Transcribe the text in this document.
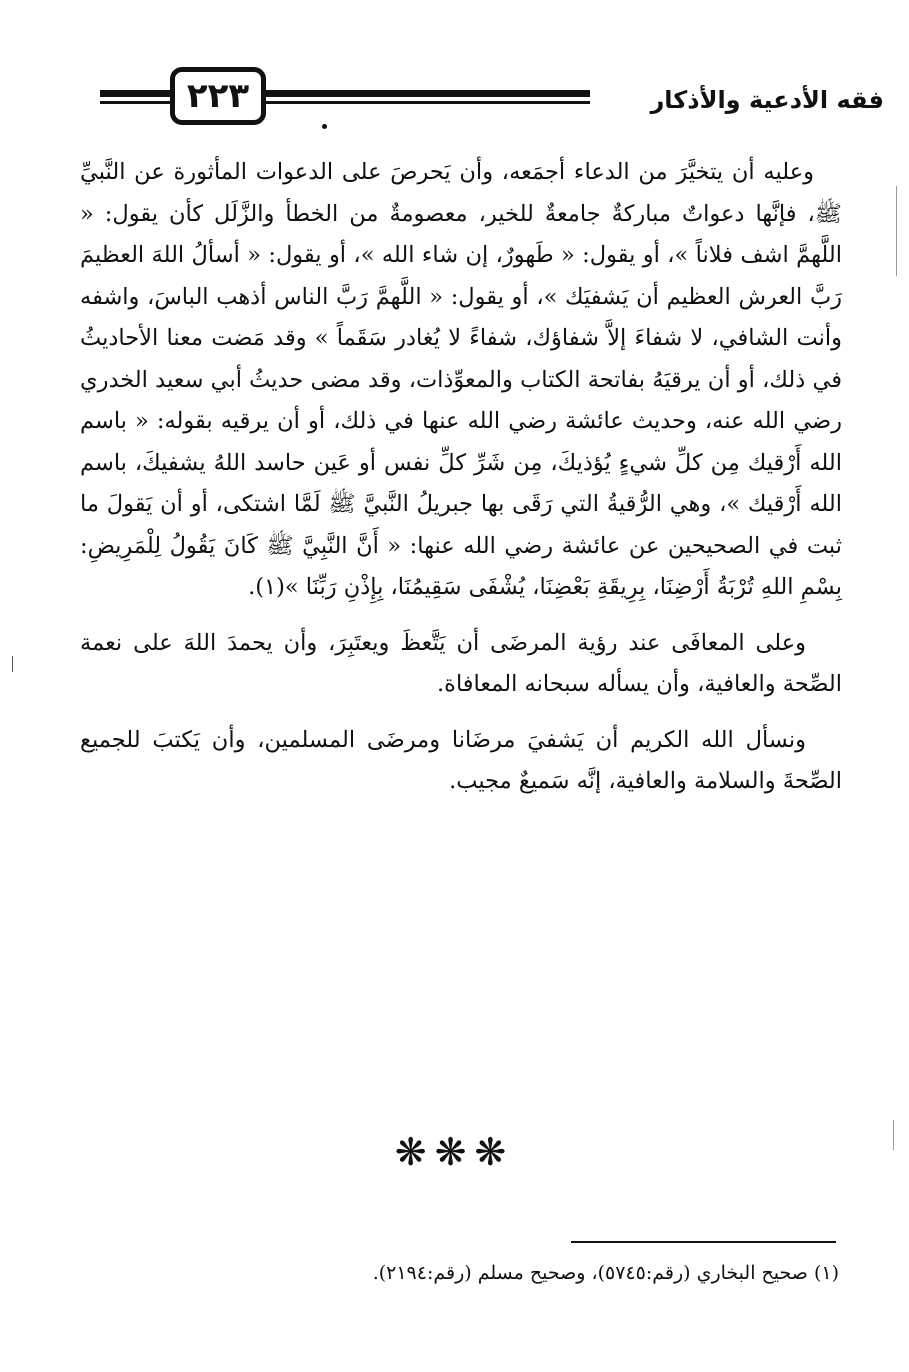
٢٢٣	فقه الأدعية والأذكار

وعليه أن يتخيَّرَ من الدعاء أجمَعه، وأن يَحرصَ على الدعوات المأثورة عن النَّبيِّ ﷺ، فإنَّها دعواتٌ مباركةٌ جامعةٌ للخير، معصومةٌ من الخطأ والزَّلَل كأن يقول: « اللَّهمَّ اشف فلاناً »، أو يقول: « طَهورٌ، إن شاء الله »، أو يقول: « أسألُ اللهَ العظيمَ رَبَّ العرش العظيم أن يَشفيَك »، أو يقول: « اللَّهمَّ رَبَّ الناس أذهب الباسَ، واشفه وأنت الشافي، لا شفاءَ إلاَّ شفاؤك، شفاءً لا يُغادر سَقَماً » وقد مَضت معنا الأحاديثُ في ذلك، أو أن يرقيَهُ بفاتحة الكتاب والمعوِّذات، وقد مضى حديثُ أبي سعيد الخدري رضي الله عنه، وحديث عائشة رضي الله عنها في ذلك، أو أن يرقيه بقوله: « باسم الله أَرْقيك مِن كلِّ شيءٍ يُؤذيكَ، مِن شَرِّ كلِّ نفس أو عَين حاسد اللهُ يشفيكَ، باسم الله أَرْقيك »، وهي الرُّقيةُ التي رَقَى بها جبريلُ النَّبيَّ ﷺ لَمَّا اشتكى، أو أن يَقولَ ما ثبت في الصحيحين عن عائشة رضي الله عنها: « أَنَّ النَّبِيَّ ﷺ كَانَ يَقُولُ لِلْمَرِيضِ: بِسْمِ اللهِ تُرْبَةُ أَرْضِنَا، بِرِيقَةِ بَعْضِنَا، يُشْفَى سَقِيمُنَا، بِإِذْنِ رَبِّنَا »(١).

وعلى المعافَى عند رؤية المرضَى أن يَتَّعظَ ويعتَبِرَ، وأن يحمدَ اللهَ على نعمة الصِّحة والعافية، وأن يسأله سبحانه المعافاة.

ونسأل الله الكريم أن يَشفيَ مرضَانا ومرضَى المسلمين، وأن يَكتبَ للجميع الصِّحةَ والسلامة والعافية، إنَّه سَميعٌ مجيب.

❋❋❋
(١) صحيح البخاري (رقم:٥٧٤٥)، وصحيح مسلم (رقم:٢١٩٤).
